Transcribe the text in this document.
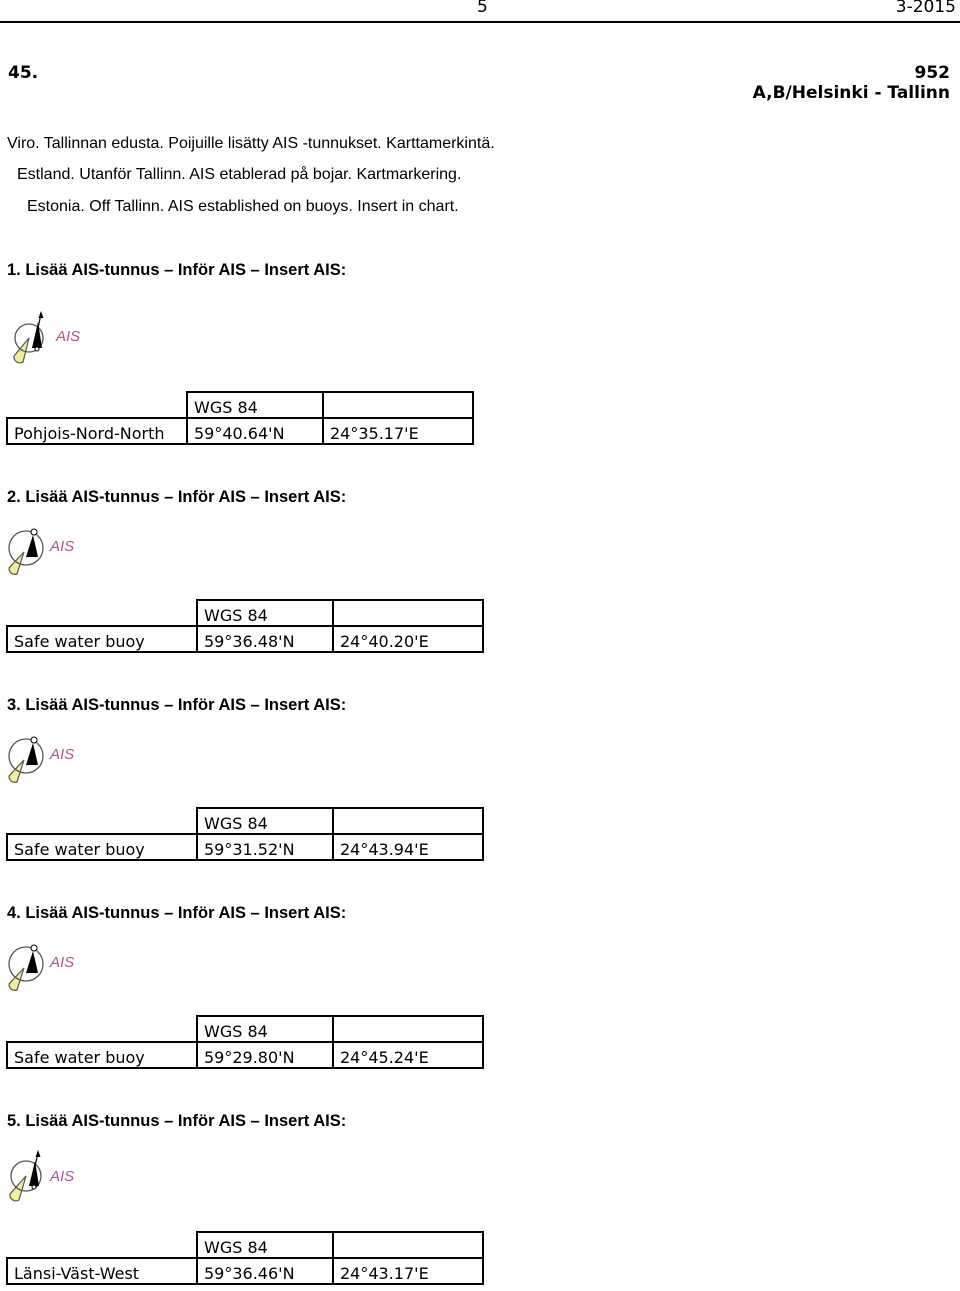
5	3-2015
45.	952
A,B/Helsinki - Tallinn
Viro. Tallinnan edusta. Poijuille lisätty AIS -tunnukset. Karttamerkintä.
Estland. Utanför Tallinn. AIS etablerad på bojar. Kartmarkering.
Estonia. Off Tallinn. AIS established on buoys. Insert in chart.
1. Lisää AIS-tunnus – Inför AIS – Insert AIS:
AIS
	WGS 84	
Pohjois-Nord-North	59°40.64'N	24°35.17'E
2. Lisää AIS-tunnus – Inför AIS – Insert AIS:
AIS
	WGS 84	
Safe water buoy	59°36.48'N	24°40.20'E
3. Lisää AIS-tunnus – Inför AIS – Insert AIS:
AIS
	WGS 84	
Safe water buoy	59°31.52'N	24°43.94'E
4. Lisää AIS-tunnus – Inför AIS – Insert AIS:
AIS
	WGS 84	
Safe water buoy	59°29.80'N	24°45.24'E
5. Lisää AIS-tunnus – Inför AIS – Insert AIS:
AIS
	WGS 84	
Länsi-Väst-West	59°36.46'N	24°43.17'E
